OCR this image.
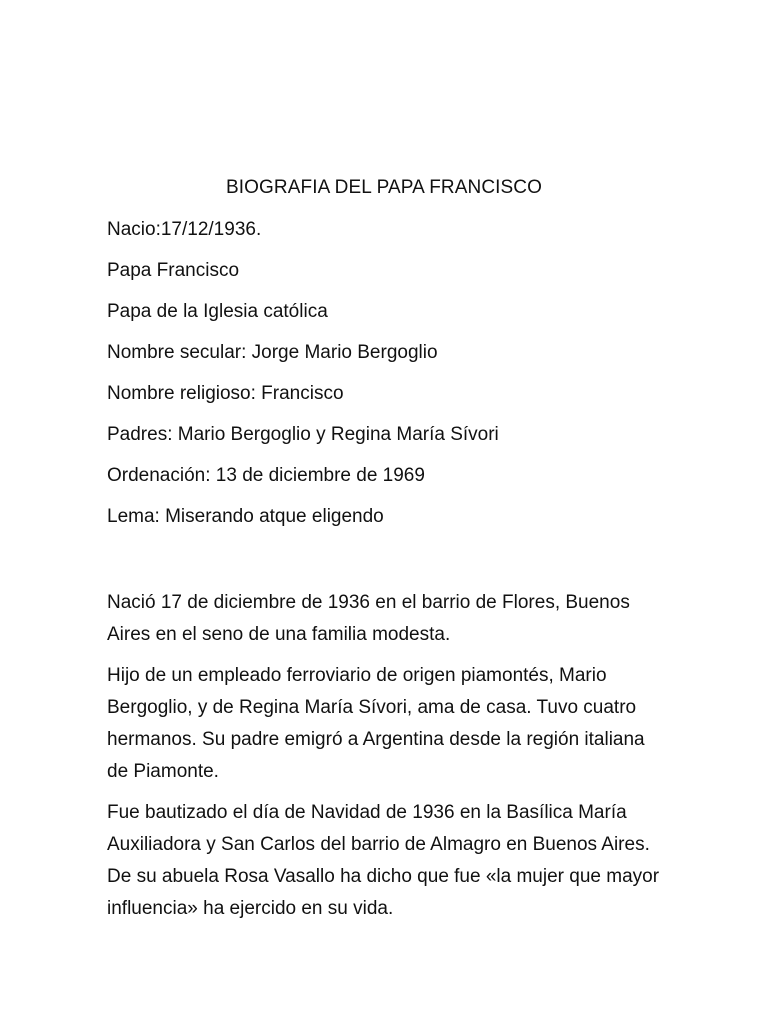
BIOGRAFIA DEL PAPA FRANCISCO
Nacio:17/12/1936.
Papa Francisco
Papa de la Iglesia católica
Nombre secular: Jorge Mario Bergoglio
Nombre religioso: Francisco
Padres: Mario Bergoglio y Regina María Sívori
Ordenación: 13 de diciembre de 1969
Lema: Miserando atque eligendo

Nació 17 de diciembre de 1936 en el barrio de Flores, Buenos Aires en el seno de una familia modesta.

Hijo de un empleado ferroviario de origen piamontés, Mario Bergoglio, y de Regina María Sívori, ama de casa. Tuvo cuatro hermanos. Su padre emigró a Argentina desde la región italiana de Piamonte.

Fue bautizado el día de Navidad de 1936 en la Basílica María Auxiliadora y San Carlos del barrio de Almagro en Buenos Aires. De su abuela Rosa Vasallo ha dicho que fue «la mujer que mayor influencia» ha ejercido en su vida.
